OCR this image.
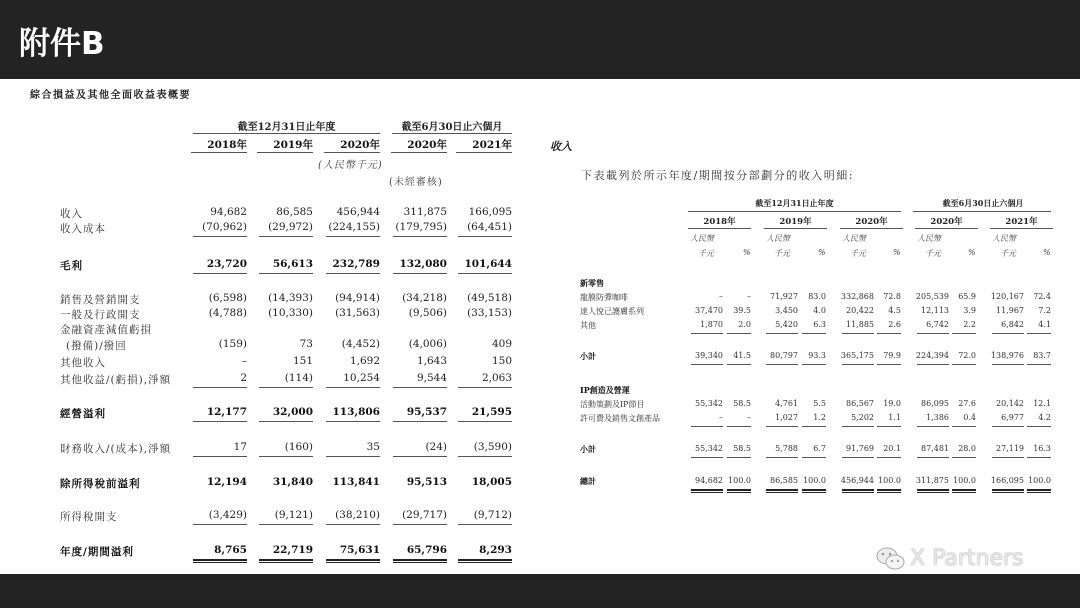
附件B
綜合損益及其他全面收益表概要
截至12月31日止年度	截至6月30日止六個月
2018年	2019年	2020年	2020年	2021年
(人民幣千元)
(未經審核)
收入	94,682	86,585	456,944	311,875	166,095
收入成本	(70,962)	(29,972)	(224,155)	(179,795)	(64,451)
毛利	23,720	56,613	232,789	132,080	101,644
銷售及營銷開支	(6,598)	(14,393)	(94,914)	(34,218)	(49,518)
一般及行政開支	(4,788)	(10,330)	(31,563)	(9,506)	(33,153)
金融資產減值虧損
(撥備)/撥回	(159)	73	(4,452)	(4,006)	409
其他收入	–	151	1,692	1,643	150
其他收益/(虧損),淨額	2	(114)	10,254	9,544	2,063
經營溢利	12,177	32,000	113,806	95,537	21,595
財務收入/(成本),淨額	17	(160)	35	(24)	(3,590)
除所得稅前溢利	12,194	31,840	113,841	95,513	18,005
所得稅開支	(3,429)	(9,121)	(38,210)	(29,717)	(9,712)
年度/期間溢利	8,765	22,719	75,631	65,796	8,293
收入
下表載列於所示年度/期間按分部劃分的收入明細:
截至12月31日止年度	截至6月30日止六個月
2018年
人民幣
千元	%
2019年
人民幣
千元	%
2020年
人民幣
千元	%
2020年
人民幣
千元	%
2021年
人民幣
千元	%
新零售
龍膜防彈咖啡	–	–	71,927	83.0	332,868	72.8	205,539	65.9	120,167	72.4
達人悅己護膚系列	37,470	39.5	3,450	4.0	20,422	4.5	12,113	3.9	11,967	7.2
其他	1,870	2.0	5,420	6.3	11,885	2.6	6,742	2.2	6,842	4.1
小計	39,340	41.5	80,797	93.3	365,175	79.9	224,394	72.0	138,976	83.7
IP創造及營運
活動策劃及IP節目	55,342	58.5	4,761	5.5	86,567	19.0	86,095	27.6	20,142	12.1
許可費及銷售文創產品	–	–	1,027	1.2	5,202	1.1	1,386	0.4	6,977	4.2
小計	55,342	58.5	5,788	6.7	91,769	20.1	87,481	28.0	27,119	16.3
總計	94,682 100.0	86,585 100.0	456,944 100.0	311,875 100.0	166,095 100.0
X Partners
